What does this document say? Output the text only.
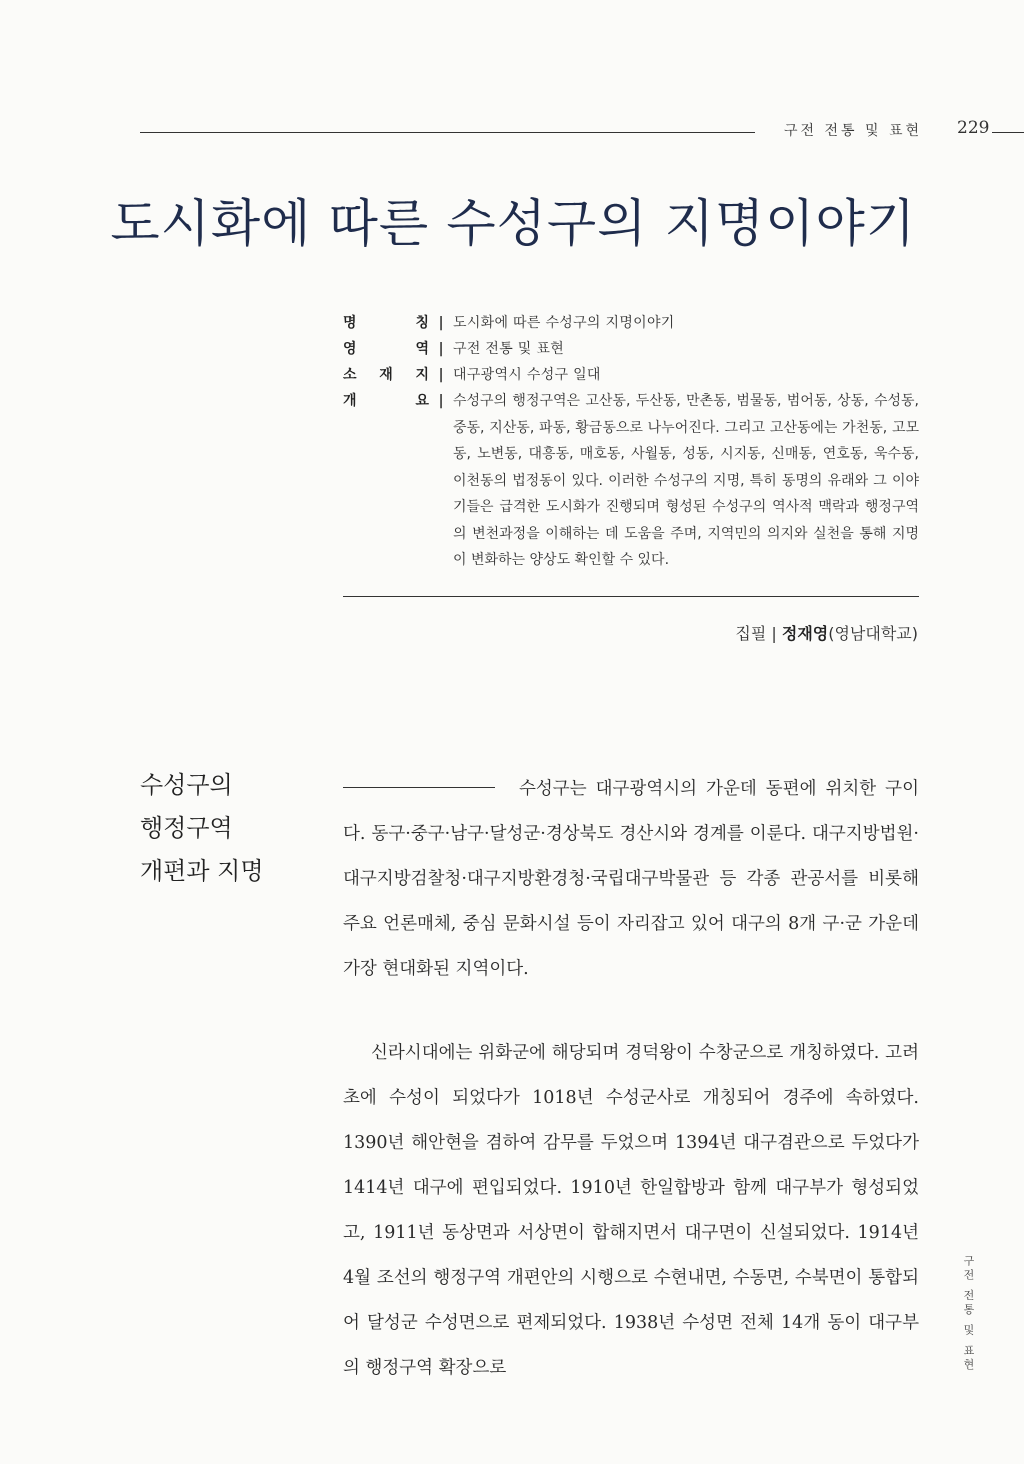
구전 전통 및 표현 229
도시화에 따른 수성구의 지명이야기
명	칭 | 도시화에 따른 수성구의 지명이야기
영	역 | 구전 전통 및 표현
소 재 지 | 대구광역시 수성구 일대
개	요 | 수성구의 행정구역은 고산동, 두산동, 만촌동, 범물동, 범어동, 상동, 수성동, 중동, 지산동, 파동, 황금동으로 나누어진다. 그리고 고산동에는 가천동, 고모동, 노변동, 대흥동, 매호동, 사월동, 성동, 시지동, 신매동, 연호동, 욱수동, 이천동의 법정동이 있다. 이러한 수성구의 지명, 특히 동명의 유래와 그 이야기들은 급격한 도시화가 진행되며 형성된 수성구의 역사적 맥락과 행정구역의 변천과정을 이해하는 데 도움을 주며, 지역민의 의지와 실천을 통해 지명이 변화하는 양상도 확인할 수 있다.
집필 | 정재영(영남대학교)
수성구의
행정구역
개편과 지명

수성구는 대구광역시의 가운데 동편에 위치한 구이다. 동구·중구·남구·달성군·경상북도 경산시와 경계를 이룬다. 대구지방법원·대구지방검찰청·대구지방환경청·국립대구박물관 등 각종 관공서를 비롯해 주요 언론매체, 중심 문화시설 등이 자리잡고 있어 대구의 8개 구·군 가운데 가장 현대화된 지역이다.

신라시대에는 위화군에 해당되며 경덕왕이 수창군으로 개칭하였다. 고려초에 수성이 되었다가 1018년 수성군사로 개칭되어 경주에 속하였다. 1390년 해안현을 겸하여 감무를 두었으며 1394년 대구겸관으로 두었다가 1414년 대구에 편입되었다. 1910년 한일합방과 함께 대구부가 형성되었고, 1911년 동상면과 서상면이 합해지면서 대구면이 신설되었다. 1914년 4월 조선의 행정구역 개편안의 시행으로 수현내면, 수동면, 수북면이 통합되어 달성군 수성면으로 편제되었다. 1938년 수성면 전체 14개 동이 대구부의 행정구역 확장으로	구전 전통 및 표현
